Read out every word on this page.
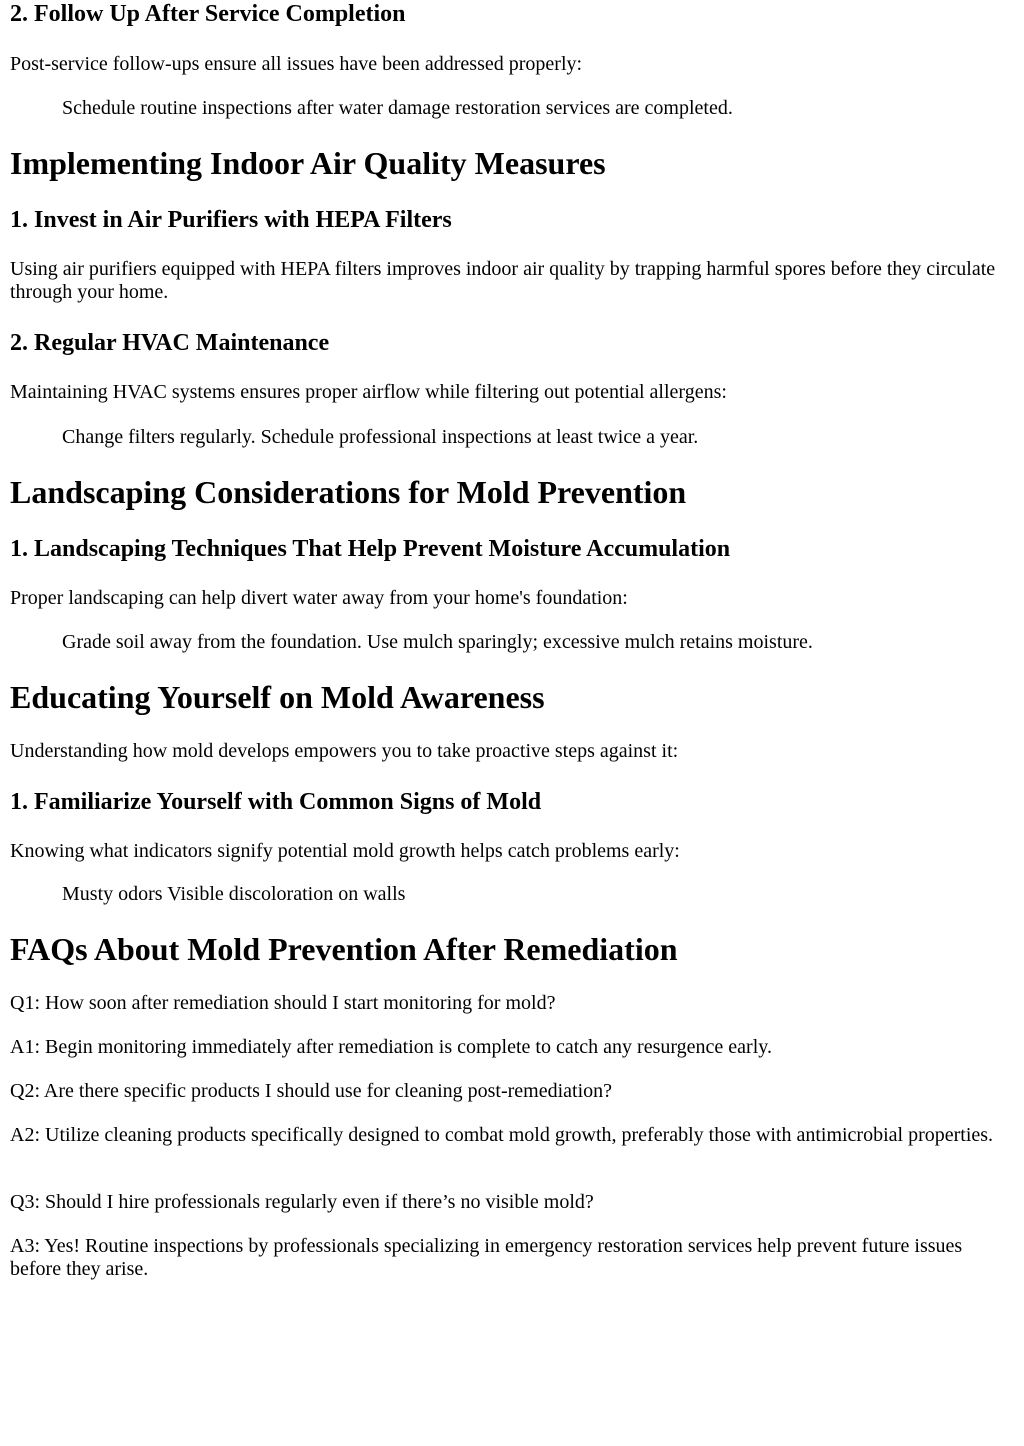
2. Follow Up After Service Completion

Post-service follow-ups ensure all issues have been addressed properly:

Schedule routine inspections after water damage restoration services are completed.

Implementing Indoor Air Quality Measures
1. Invest in Air Purifiers with HEPA Filters

Using air purifiers equipped with HEPA filters improves indoor air quality by trapping harmful spores before they circulate through your home.

2. Regular HVAC Maintenance

Maintaining HVAC systems ensures proper airflow while filtering out potential allergens:

Change filters regularly. Schedule professional inspections at least twice a year.

Landscaping Considerations for Mold Prevention
1. Landscaping Techniques That Help Prevent Moisture Accumulation

Proper landscaping can help divert water away from your home's foundation:

Grade soil away from the foundation. Use mulch sparingly; excessive mulch retains moisture.

Educating Yourself on Mold Awareness

Understanding how mold develops empowers you to take proactive steps against it:

1. Familiarize Yourself with Common Signs of Mold

Knowing what indicators signify potential mold growth helps catch problems early:

Musty odors Visible discoloration on walls

FAQs About Mold Prevention After Remediation

Q1: How soon after remediation should I start monitoring for mold?

A1: Begin monitoring immediately after remediation is complete to catch any resurgence early.

Q2: Are there specific products I should use for cleaning post-remediation?

A2: Utilize cleaning products specifically designed to combat mold growth, preferably those with antimicrobial properties.

Q3: Should I hire professionals regularly even if there’s no visible mold?

A3: Yes! Routine inspections by professionals specializing in emergency restoration services help prevent future issues before they arise.
